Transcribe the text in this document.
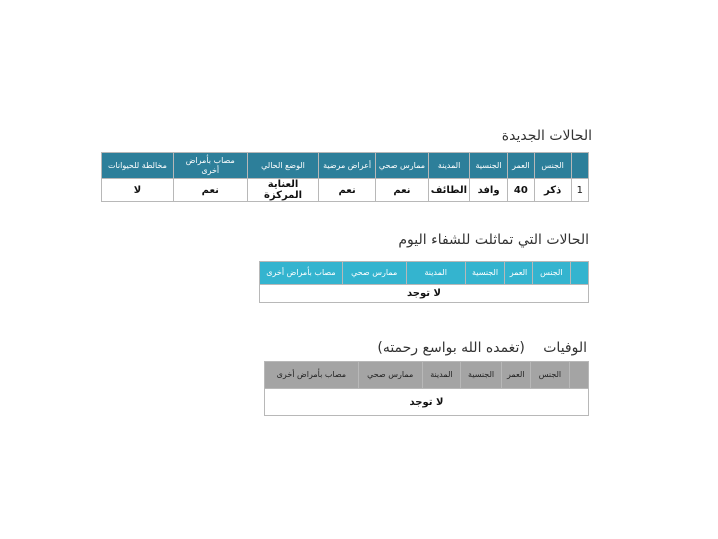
الحالات الجديدة
	الجنس	العمر	الجنسية	المدينة	ممارس صحي	أعراض مرضية	الوضع الحالي	مصاب بأمراض أخرى	مخالطة للحيوانات
1	ذكر	40	وافد	الطائف	نعم	نعم	العناية المركزة	نعم	لا
الحالات التي تماثلت للشفاء اليوم
	الجنس	العمر	الجنسية	المدينة	ممارس صحي	مصاب بأمراض أخرى
لا توجد
الوفيات (تغمده الله بواسع رحمته)
	الجنس	العمر	الجنسية	المدينة	ممارس صحي	مصاب بأمراض أخرى
لا توجد
